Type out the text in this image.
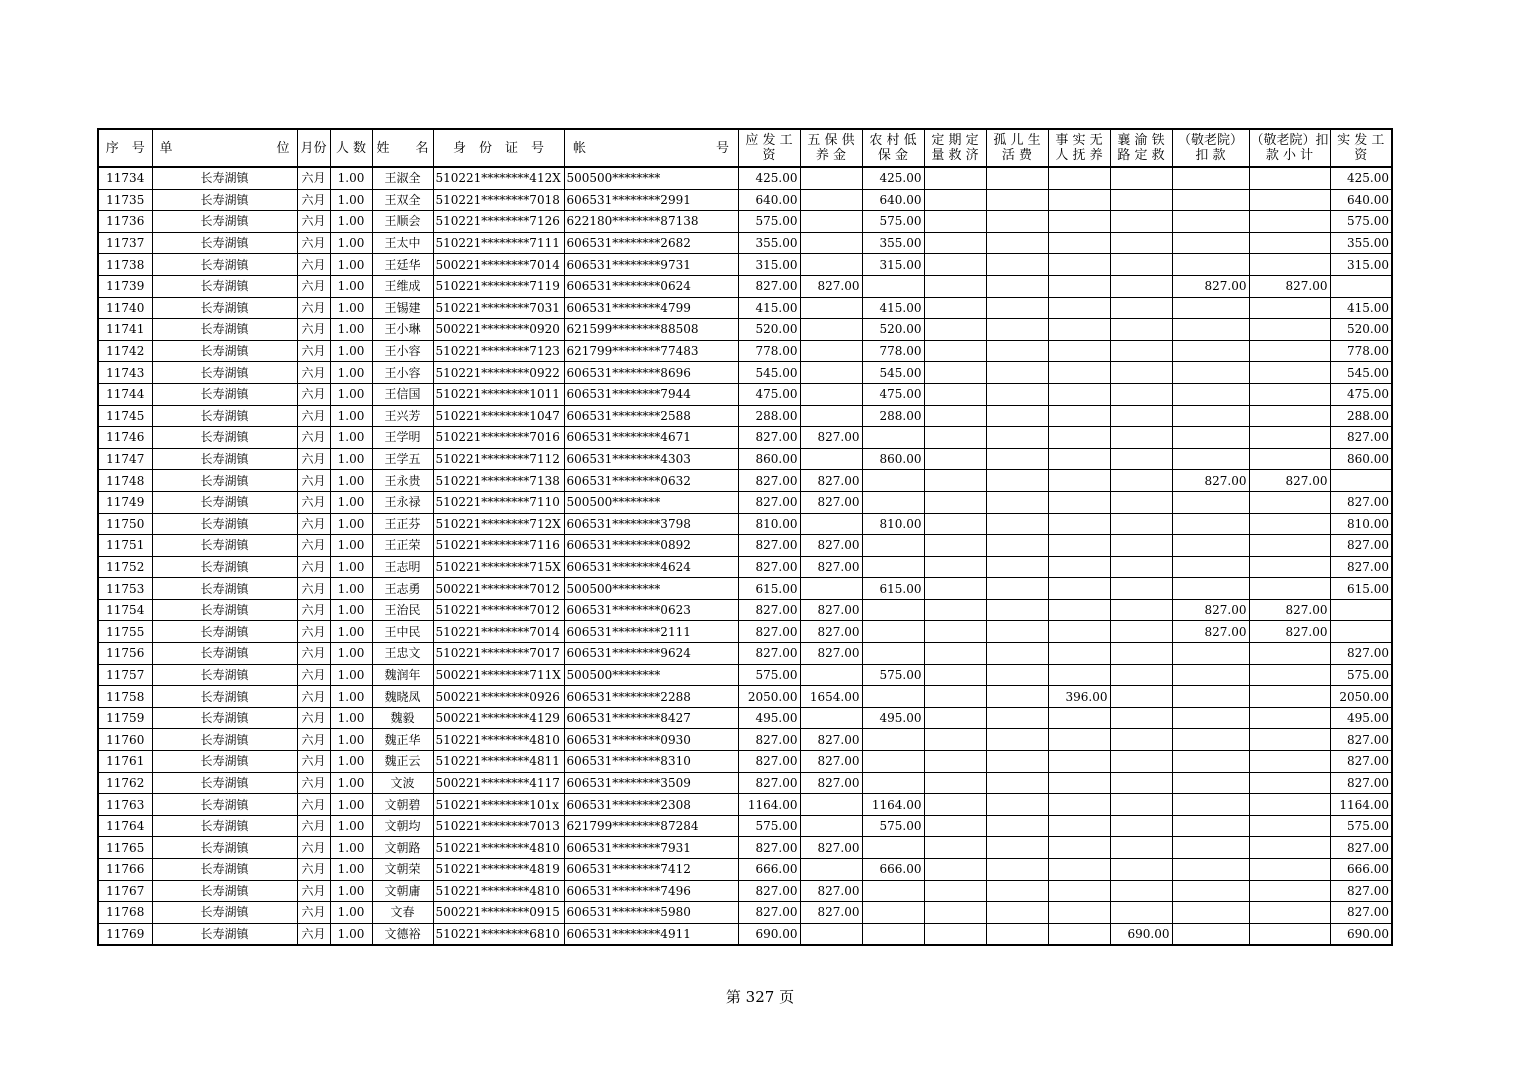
序　号	单　　　　　　　　位	月份	人 数	姓　　名	身　份　证　号	帐　　　　　　　　　　号	应 发 工资	五 保 供养 金	农 村 低保 金	定 期 定量 救 济	孤 儿 生活 费	事 实 无人 抚 养	襄 渝 铁路 定 救	（敬老院）扣 款	（敬老院）扣 款 小 计	实 发 工资
11734	长寿湖镇	六月	1.00	王淑全	510221********412X	500500********	425.00		425.00							425.00
11735	长寿湖镇	六月	1.00	王双全	510221********7018	606531********2991	640.00		640.00							640.00
11736	长寿湖镇	六月	1.00	王顺会	510221********7126	622180********87138	575.00		575.00							575.00
11737	长寿湖镇	六月	1.00	王太中	510221********7111	606531********2682	355.00		355.00							355.00
11738	长寿湖镇	六月	1.00	王廷华	500221********7014	606531********9731	315.00		315.00							315.00
11739	长寿湖镇	六月	1.00	王维成	510221********7119	606531********0624	827.00	827.00						827.00	827.00	
11740	长寿湖镇	六月	1.00	王锡建	510221********7031	606531********4799	415.00		415.00							415.00
11741	长寿湖镇	六月	1.00	王小琳	500221********0920	621599********88508	520.00		520.00							520.00
11742	长寿湖镇	六月	1.00	王小容	510221********7123	621799********77483	778.00		778.00							778.00
11743	长寿湖镇	六月	1.00	王小容	510221********0922	606531********8696	545.00		545.00							545.00
11744	长寿湖镇	六月	1.00	王信国	510221********1011	606531********7944	475.00		475.00							475.00
11745	长寿湖镇	六月	1.00	王兴芳	510221********1047	606531********2588	288.00		288.00							288.00
11746	长寿湖镇	六月	1.00	王学明	510221********7016	606531********4671	827.00	827.00								827.00
11747	长寿湖镇	六月	1.00	王学五	510221********7112	606531********4303	860.00		860.00							860.00
11748	长寿湖镇	六月	1.00	王永贵	510221********7138	606531********0632	827.00	827.00						827.00	827.00	
11749	长寿湖镇	六月	1.00	王永禄	510221********7110	500500********	827.00	827.00								827.00
11750	长寿湖镇	六月	1.00	王正芬	510221********712X	606531********3798	810.00		810.00							810.00
11751	长寿湖镇	六月	1.00	王正荣	510221********7116	606531********0892	827.00	827.00								827.00
11752	长寿湖镇	六月	1.00	王志明	510221********715X	606531********4624	827.00	827.00								827.00
11753	长寿湖镇	六月	1.00	王志勇	500221********7012	500500********	615.00		615.00							615.00
11754	长寿湖镇	六月	1.00	王治民	510221********7012	606531********0623	827.00	827.00						827.00	827.00	
11755	长寿湖镇	六月	1.00	王中民	510221********7014	606531********2111	827.00	827.00						827.00	827.00	
11756	长寿湖镇	六月	1.00	王忠文	510221********7017	606531********9624	827.00	827.00								827.00
11757	长寿湖镇	六月	1.00	魏润年	500221********711X	500500********	575.00		575.00							575.00
11758	长寿湖镇	六月	1.00	魏晓凤	500221********0926	606531********2288	2050.00	1654.00				396.00				2050.00
11759	长寿湖镇	六月	1.00	魏毅	500221********4129	606531********8427	495.00		495.00							495.00
11760	长寿湖镇	六月	1.00	魏正华	510221********4810	606531********0930	827.00	827.00								827.00
11761	长寿湖镇	六月	1.00	魏正云	510221********4811	606531********8310	827.00	827.00								827.00
11762	长寿湖镇	六月	1.00	文波	500221********4117	606531********3509	827.00	827.00								827.00
11763	长寿湖镇	六月	1.00	文朝碧	510221********101x	606531********2308	1164.00		1164.00							1164.00
11764	长寿湖镇	六月	1.00	文朝均	510221********7013	621799********87284	575.00		575.00							575.00
11765	长寿湖镇	六月	1.00	文朝路	510221********4810	606531********7931	827.00	827.00								827.00
11766	长寿湖镇	六月	1.00	文朝荣	510221********4819	606531********7412	666.00		666.00							666.00
11767	长寿湖镇	六月	1.00	文朝庸	510221********4810	606531********7496	827.00	827.00								827.00
11768	长寿湖镇	六月	1.00	文春	500221********0915	606531********5980	827.00	827.00								827.00
11769	长寿湖镇	六月	1.00	文德裕	510221********6810	606531********4911	690.00						690.00			690.00
第 327 页
